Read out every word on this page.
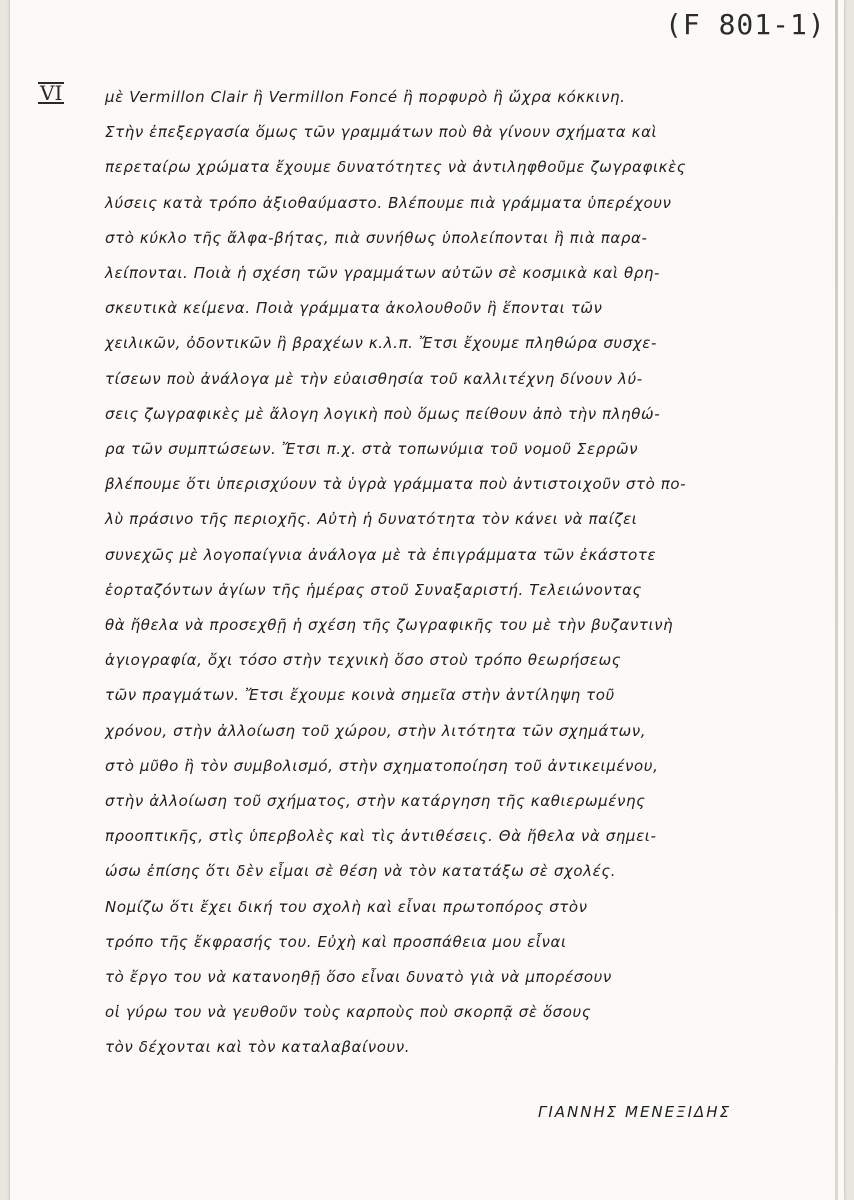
(F 801-1)
VI	μὲ Vermillon Clair ἢ Vermillon Foncé ἢ πορφυρὸ ἢ ὤχρα κόκκινη.
Στὴν ἐπεξεργασία ὅμως τῶν γραμμάτων ποὺ θὰ γίνουν σχήματα καὶ
περεταίρω χρώματα ἔχουμε δυνατότητες νὰ ἀντιληφθοῦμε ζωγραφικὲς
λύσεις κατὰ τρόπο ἀξιοθαύμαστο. Βλέπουμε πιὰ γράμματα ὑπερέχουν
στὸ κύκλο τῆς ἄλφα-βήτας, πιὰ συνήθως ὑπολείπονται ἢ πιὰ παρα-
λείπονται. Ποιὰ ἡ σχέση τῶν γραμμάτων αὐτῶν σὲ κοσμικὰ καὶ θρη-
σκευτικὰ κείμενα. Ποιὰ γράμματα ἀκολουθοῦν ἢ ἕπονται τῶν
χειλικῶν, ὀδοντικῶν ἢ βραχέων κ.λ.π. Ἔτσι ἔχουμε πληθώρα συσχε-
τίσεων ποὺ ἀνάλογα μὲ τὴν εὐαισθησία τοῦ καλλιτέχνη δίνουν λύ-
σεις ζωγραφικὲς μὲ ἄλογη λογικὴ ποὺ ὅμως πείθουν ἀπὸ τὴν πληθώ-
ρα τῶν συμπτώσεων. Ἔτσι π.χ. στὰ τοπωνύμια τοῦ νομοῦ Σερρῶν
βλέπουμε ὅτι ὑπερισχύουν τὰ ὑγρὰ γράμματα ποὺ ἀντιστοιχοῦν στὸ πο-
λὺ πράσινο τῆς περιοχῆς. Αὐτὴ ἡ δυνατότητα τὸν κάνει νὰ παίζει
συνεχῶς μὲ λογοπαίγνια ἀνάλογα μὲ τὰ ἐπιγράμματα τῶν ἑκάστοτε
ἑορταζόντων ἁγίων τῆς ἡμέρας στοῦ Συναξαριστή. Τελειώνοντας
θὰ ἤθελα νὰ προσεχθῇ ἡ σχέση τῆς ζωγραφικῆς του μὲ τὴν βυζαντινὴ
ἁγιογραφία, ὄχι τόσο στὴν τεχνικὴ ὅσο στοὺ τρόπο θεωρήσεως
τῶν πραγμάτων. Ἔτσι ἔχουμε κοινὰ σημεῖα στὴν ἀντίληψη τοῦ
χρόνου, στὴν ἀλλοίωση τοῦ χώρου, στὴν λιτότητα τῶν σχημάτων,
στὸ μῦθο ἢ τὸν συμβολισμό, στὴν σχηματοποίηση τοῦ ἀντικειμένου,
στὴν ἀλλοίωση τοῦ σχήματος, στὴν κατάργηση τῆς καθιερωμένης
προοπτικῆς, στὶς ὑπερβολὲς καὶ τὶς ἀντιθέσεις. Θὰ ἤθελα νὰ σημει-
ώσω ἐπίσης ὅτι δὲν εἶμαι σὲ θέση νὰ τὸν κατατάξω σὲ σχολές.
Νομίζω ὅτι ἔχει δική του σχολὴ καὶ εἶναι πρωτοπόρος στὸν
τρόπο τῆς ἔκφρασής του. Εὐχὴ καὶ προσπάθεια μου εἶναι
τὸ ἔργο του νὰ κατανοηθῇ ὅσο εἶναι δυνατὸ γιὰ νὰ μπορέσουν
οἱ γύρω του νὰ γευθοῦν τοὺς καρποὺς ποὺ σκορπᾷ σὲ ὅσους
τὸν δέχονται καὶ τὸν καταλαβαίνουν.
ΓΙΑΝΝΗΣ ΜΕΝΕΞΙΔΗΣ
